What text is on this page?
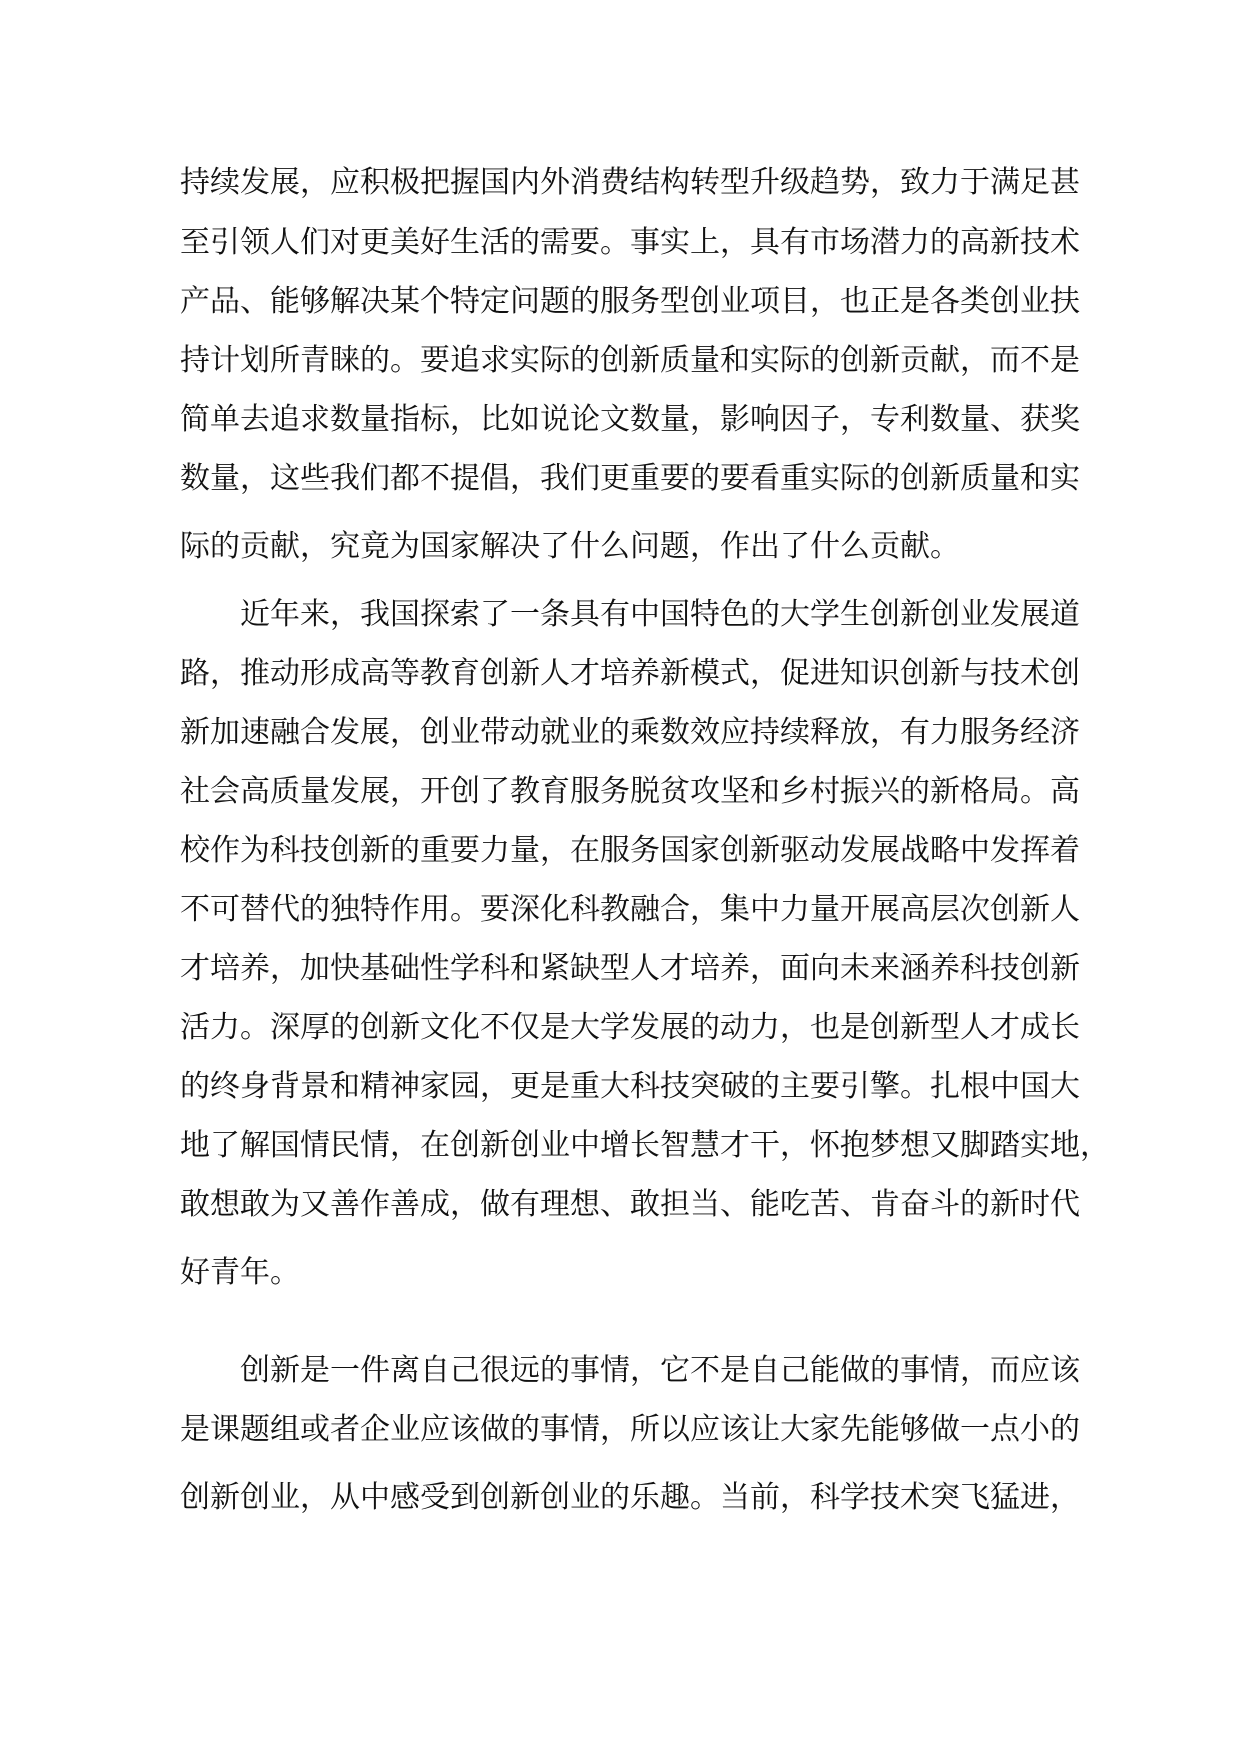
持续发展，应积极把握国内外消费结构转型升级趋势，致力于满足甚
至引领人们对更美好生活的需要。事实上，具有市场潜力的高新技术
产品、能够解决某个特定问题的服务型创业项目，也正是各类创业扶
持计划所青睐的。要追求实际的创新质量和实际的创新贡献，而不是
简单去追求数量指标，比如说论文数量，影响因子，专利数量、获奖
数量，这些我们都不提倡，我们更重要的要看重实际的创新质量和实
际的贡献，究竟为国家解决了什么问题，作出了什么贡献。
近年来，我国探索了一条具有中国特色的大学生创新创业发展道
路，推动形成高等教育创新人才培养新模式，促进知识创新与技术创
新加速融合发展，创业带动就业的乘数效应持续释放，有力服务经济
社会高质量发展，开创了教育服务脱贫攻坚和乡村振兴的新格局。高
校作为科技创新的重要力量，在服务国家创新驱动发展战略中发挥着
不可替代的独特作用。要深化科教融合，集中力量开展高层次创新人
才培养，加快基础性学科和紧缺型人才培养，面向未来涵养科技创新
活力。深厚的创新文化不仅是大学发展的动力，也是创新型人才成长
的终身背景和精神家园，更是重大科技突破的主要引擎。扎根中国大
地了解国情民情，在创新创业中增长智慧才干，怀抱梦想又脚踏实地，
敢想敢为又善作善成，做有理想、敢担当、能吃苦、肯奋斗的新时代
好青年。
创新是一件离自己很远的事情，它不是自己能做的事情，而应该
是课题组或者企业应该做的事情，所以应该让大家先能够做一点小的
创新创业，从中感受到创新创业的乐趣。当前，科学技术突飞猛进，
